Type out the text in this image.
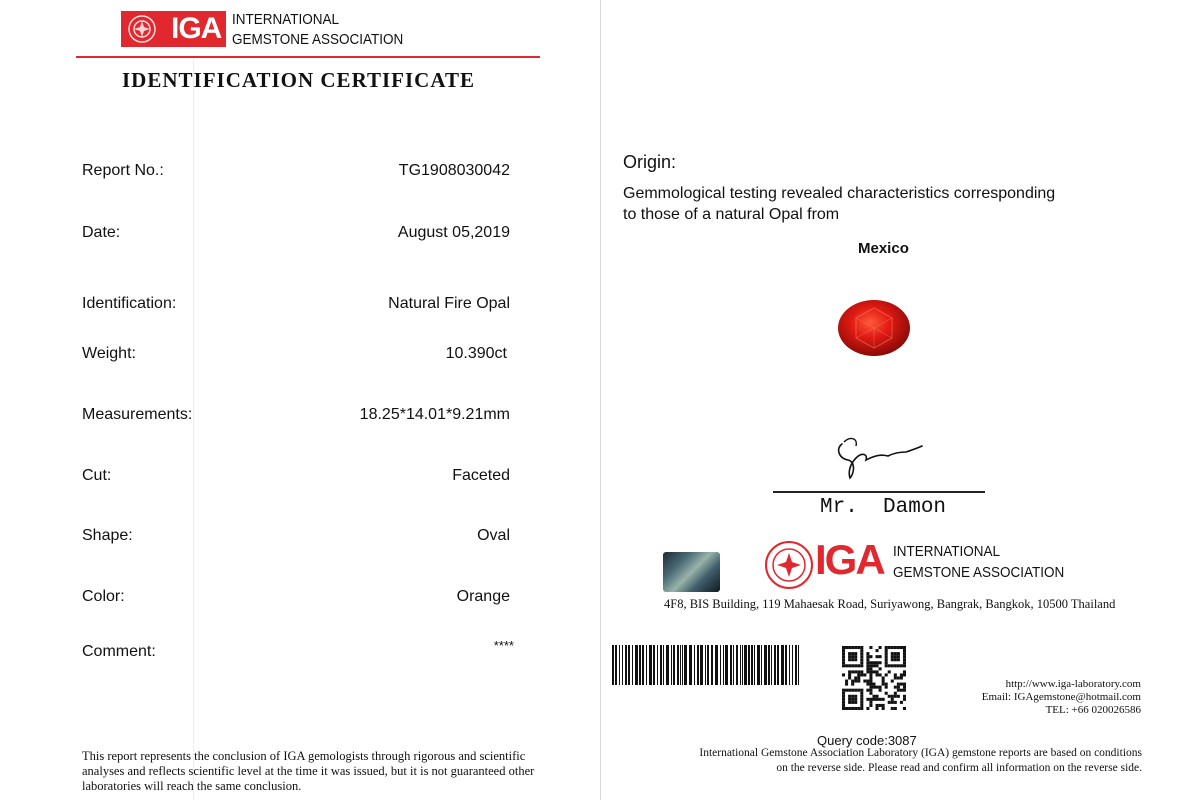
IGA INTERNATIONAL
GEMSTONE ASSOCIATION
IDENTIFICATION CERTIFICATE
Report No.:	TG1908030042
Date:	August 05,2019
Identification:	Natural Fire Opal
Weight:	10.390ct
Measurements:	18.25*14.01*9.21mm
Cut:	Faceted
Shape:	Oval
Color:	Orange
Comment:	****
This report represents the conclusion of IGA gemologists through rigorous and scientific analyses and reflects scientific level at the time it was issued, but it is not guaranteed other laboratories will reach the same conclusion.
Origin:
Gemmological testing revealed characteristics corresponding to those of a natural Opal from
Mexico
Mr.  Damon
IGA INTERNATIONAL
GEMSTONE ASSOCIATION
4F8, BIS Building, 119 Mahaesak Road, Suriyawong, Bangrak, Bangkok, 10500 Thailand
http://www.iga-laboratory.com
Email: IGAgemstone@hotmail.com
TEL: +66 020026586
Query code:3087
International Gemstone Association Laboratory (IGA) gemstone reports are based on conditions on the reverse side. Please read and confirm all information on the reverse side.
